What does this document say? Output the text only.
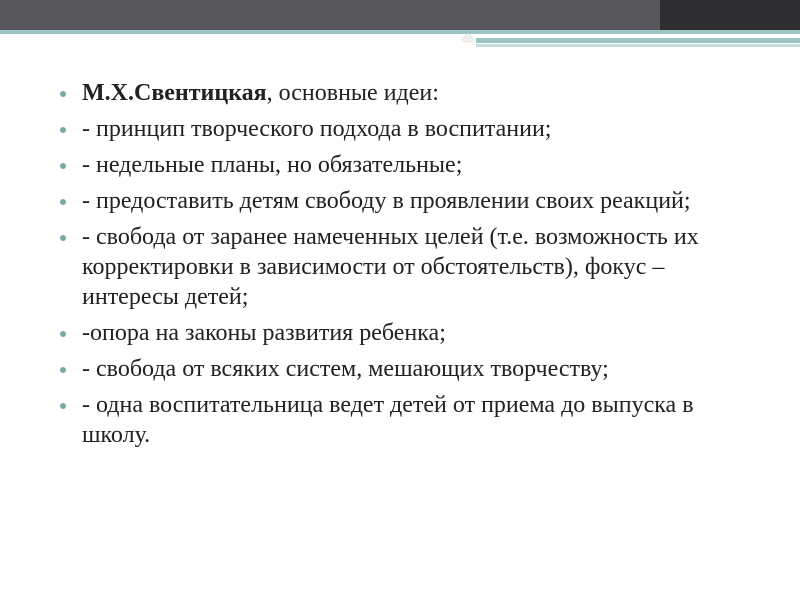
М.Х.Свентицкая, основные идеи:
- принцип творческого подхода в воспитании;
- недельные планы, но обязательные;
- предоставить детям свободу в проявлении своих реакций;
- свобода от заранее намеченных целей (т.е. возможность их корректировки в зависимости от обстоятельств), фокус – интересы детей;
-опора на законы развития ребенка;
- свобода от всяких систем, мешающих творчеству;
- одна воспитательница ведет детей от приема до выпуска в школу.
